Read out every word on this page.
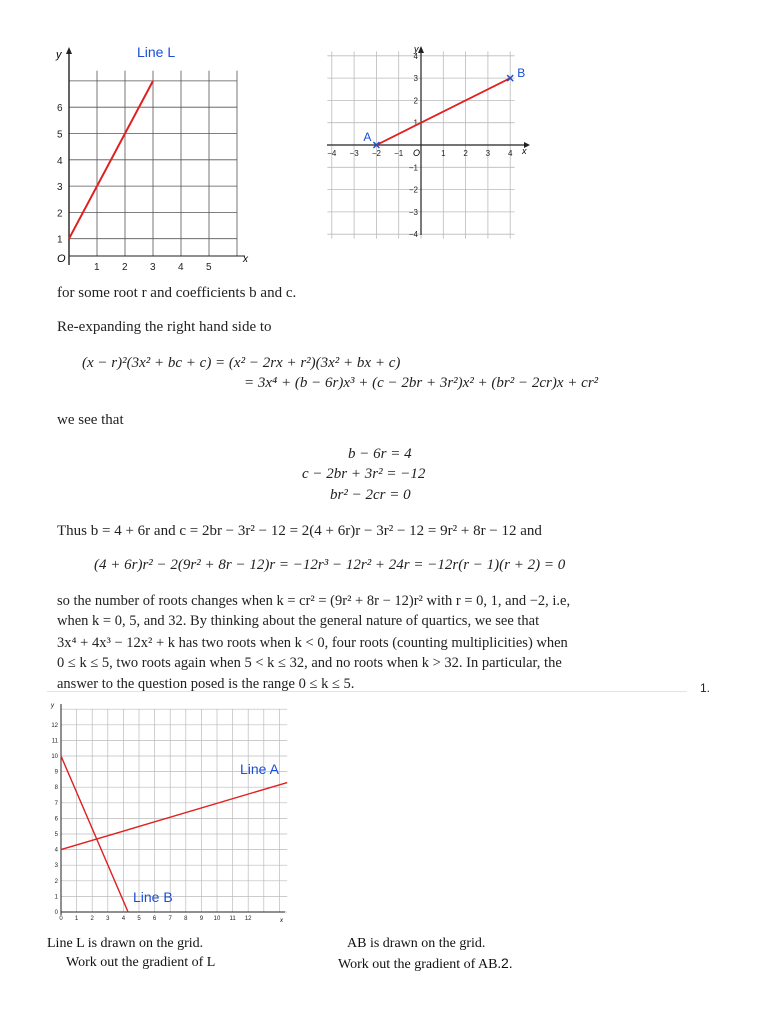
y
x
O
Line L
1 2 3 4 5
1
2
3
4
5
6
y
x
O
−4 −3 −2 −1	1 2 3 4
4
3
2
1
−1
−2
−3
−4
A
B
for some root r and coefficients b and c.
Re-expanding the right hand side to
(x − r)²(3x² + bc + c) = (x² − 2rx + r²)(3x² + bx + c)
= 3x⁴ + (b − 6r)x³ + (c − 2br + 3r²)x² + (br² − 2cr)x + cr²
we see that
b − 6r = 4
c − 2br + 3r² = −12
br² − 2cr = 0
Thus b = 4 + 6r and c = 2br − 3r² − 12 = 2(4 + 6r)r − 3r² − 12 = 9r² + 8r − 12 and
(4 + 6r)r² − 2(9r² + 8r − 12)r = −12r³ − 12r² + 24r = −12r(r − 1)(r + 2) = 0
so the number of roots changes when k = cr² = (9r² + 8r − 12)r² with r = 0, 1, and −2, i.e,
when k = 0, 5, and 32. By thinking about the general nature of quartics, we see that
3x⁴ + 4x³ − 12x² + k has two roots when k < 0, four roots (counting multiplicities) when
0 ≤ k ≤ 5, two roots again when 5 < k ≤ 32, and no roots when k > 32. In particular, the
answer to the question posed is the range 0 ≤ k ≤ 5.	1.
y
x
0 1 2 3 4 5 6 7 8 9 10 11 12
0
1
2
3
4
5
6
7
8
9
10
11
12
Line A
Line B
Line L is drawn on the grid.
Work out the gradient of L
AB is drawn on the grid.
Work out the gradient of AB.2.
